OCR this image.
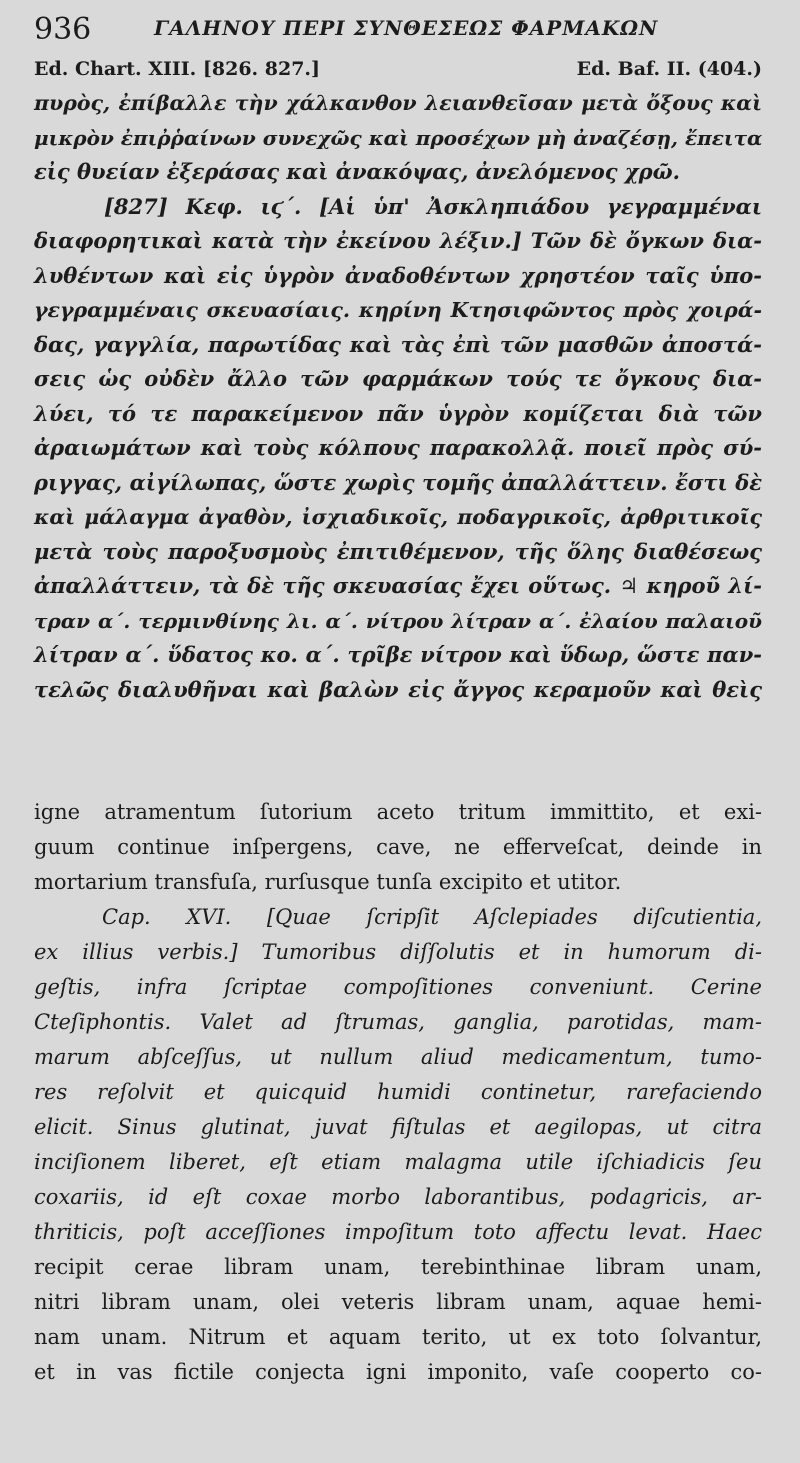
936	ΓΑΛΗΝΟΥ ΠΕΡΙ ΣΥΝΘΕΣΕΩΣ ΦΑΡΜΑΚΩΝ
Ed. Chart. XIII. [826. 827.]	Ed. Baf. II. (404.)
πυρὸς, ἐπίβαλλε τὴν χάλκανθον λειανθεῖσαν μετὰ ὄξους καὶ
μικρὸν ἐπιῤῥαίνων συνεχῶς καὶ προσέχων μὴ ἀναζέσῃ, ἔπειτα
εἰς θυείαν ἐξεράσας καὶ ἀνακόψας, ἀνελόμενος χρῶ.
[827] Κεφ. ιϛ΄. [Αἱ ὑπ' Ἀσκληπιάδου γεγραμμέναι
διαφορητικαὶ κατὰ τὴν ἐκείνου λέξιν.] Τῶν δὲ ὄγκων δια-
λυθέντων καὶ εἰς ὑγρὸν ἀναδοθέντων χρηστέον ταῖς ὑπο-
γεγραμμέναις σκευασίαις. κηρίνη Κτησιφῶντος πρὸς χοιρά-
δας, γαγγλία, παρωτίδας καὶ τὰς ἐπὶ τῶν μασθῶν ἀποστά-
σεις ὡς οὐδὲν ἄλλο τῶν φαρμάκων τούς τε ὄγκους δια-
λύει, τό τε παρακείμενον πᾶν ὑγρὸν κομίζεται διὰ τῶν
ἀραιωμάτων καὶ τοὺς κόλπους παρακολλᾷ. ποιεῖ πρὸς σύ-
ριγγας, αἰγίλωπας, ὥστε χωρὶς τομῆς ἀπαλλάττειν. ἔστι δὲ
καὶ μάλαγμα ἀγαθὸν, ἰσχιαδικοῖς, ποδαγρικοῖς, ἀρθριτικοῖς
μετὰ τοὺς παροξυσμοὺς ἐπιτιθέμενον, τῆς ὅλης διαθέσεως
ἀπαλλάττειν, τὰ δὲ τῆς σκευασίας ἔχει οὕτως. ♃ κηροῦ λί-
τραν α΄. τερμινθίνης λι. α΄. νίτρου λίτραν α΄. ἐλαίου παλαιοῦ
λίτραν α΄. ὕδατος κο. α΄. τρῖβε νίτρον καὶ ὕδωρ, ὥστε παν-
τελῶς διαλυθῆναι καὶ βαλὼν εἰς ἄγγος κεραμοῦν καὶ θεὶς
igne atramentum ſutorium aceto tritum immittito, et exi-
guum continue inſpergens, cave, ne efferveſcat, deinde in
mortarium transfuſa, rurſusque tunſa excipito et utitor.
Cap. XVI. [Quae ſcripſit Aſclepiades diſcutientia,
ex illius verbis.] Tumoribus diſſolutis et in humorum di-
geſtis, infra ſcriptae compoſitiones conveniunt. Cerine
Cteſiphontis. Valet ad ſtrumas, ganglia, parotidas, mam-
marum abſceſſus, ut nullum aliud medicamentum, tumo-
res reſolvit et quicquid humidi continetur, rarefaciendo
elicit. Sinus glutinat, juvat fiſtulas et aegilopas, ut citra
inciſionem liberet, eſt etiam malagma utile iſchiadicis ſeu
coxariis, id eſt coxae morbo laborantibus, podagricis, ar-
thriticis, poſt acceſſiones impoſitum toto affectu levat. Haec
recipit cerae libram unam, terebinthinae libram unam,
nitri libram unam, olei veteris libram unam, aquae hemi-
nam unam. Nitrum et aquam terito, ut ex toto ſolvantur,
et in vas fictile conjecta igni imponito, vaſe cooperto co-
